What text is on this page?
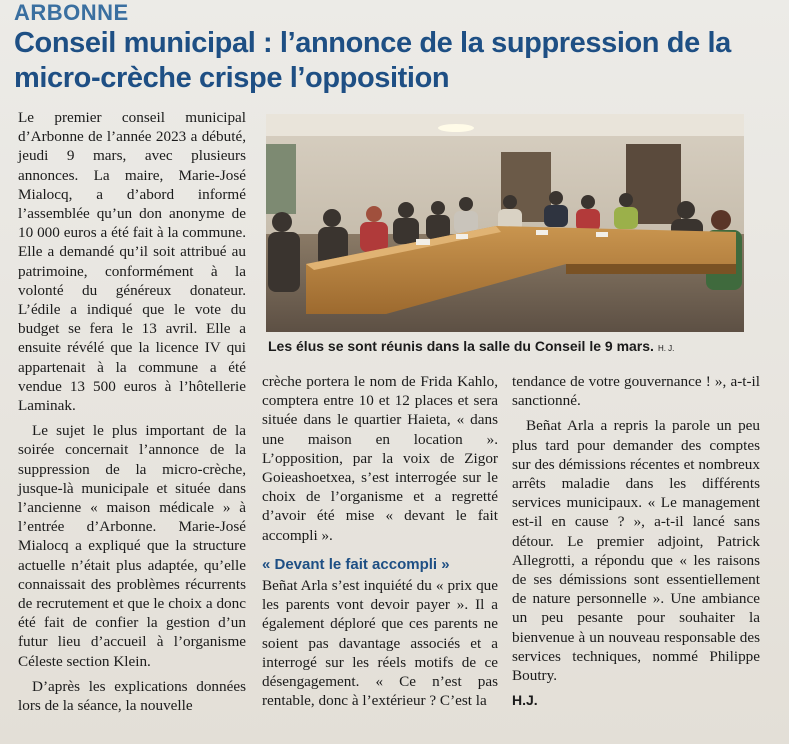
ARBONNE
Conseil municipal : l’annonce de la suppression de la micro-crèche crispe l’opposition

Le premier conseil municipal d’Arbonne de l’année 2023 a débuté, jeudi 9 mars, avec plusieurs annonces. La maire, Marie-José Mialocq, a d’abord informé l’assemblée qu’un don anonyme de 10 000 euros a été fait à la commune. Elle a demandé qu’il soit attribué au patrimoine, conformément à la volonté du généreux donateur. L’édile a indiqué que le vote du budget se fera le 13 avril. Elle a ensuite révélé que la licence IV qui appartenait à la commune a été vendue 13 500 euros à l’hôtellerie Laminak.

Le sujet le plus important de la soirée concernait l’annonce de la suppression de la micro-crèche, jusque-là municipale et située dans l’ancienne « maison médicale » à l’entrée d’Arbonne. Marie-José Mialocq a expliqué que la structure actuelle n’était plus adaptée, qu’elle connaissait des problèmes récurrents de recrutement et que le choix a donc été fait de confier la gestion d’un futur lieu d’accueil à l’organisme Céleste section Klein.

D’après les explications données lors de la séance, la nouvelle

Les élus se sont réunis dans la salle du Conseil le 9 mars. H. J.

crèche portera le nom de Frida Kahlo, comptera entre 10 et 12 places et sera située dans le quartier Haieta, « dans une maison en location ». L’opposition, par la voix de Zigor Goieashoetxea, s’est interrogée sur le choix de l’organisme et a regretté d’avoir été mise « devant le fait accompli ».

« Devant le fait accompli »

Beñat Arla s’est inquiété du « prix que les parents vont devoir payer ». Il a également déploré que ces parents ne soient pas davantage associés et a interrogé sur les réels motifs de ce désengagement. « Ce n’est pas rentable, donc à l’extérieur ? C’est la

tendance de votre gouvernance ! », a-t-il sanctionné.

Beñat Arla a repris la parole un peu plus tard pour demander des comptes sur des démissions récentes et nombreux arrêts maladie dans les différents services municipaux. « Le management est-il en cause ? », a-t-il lancé sans détour. Le premier adjoint, Patrick Allegrotti, a répondu que « les raisons de ses démissions sont essentiellement de nature personnelle ». Une ambiance un peu pesante pour souhaiter la bienvenue à un nouveau responsable des services techniques, nommé Philippe Boutry.

H.J.
